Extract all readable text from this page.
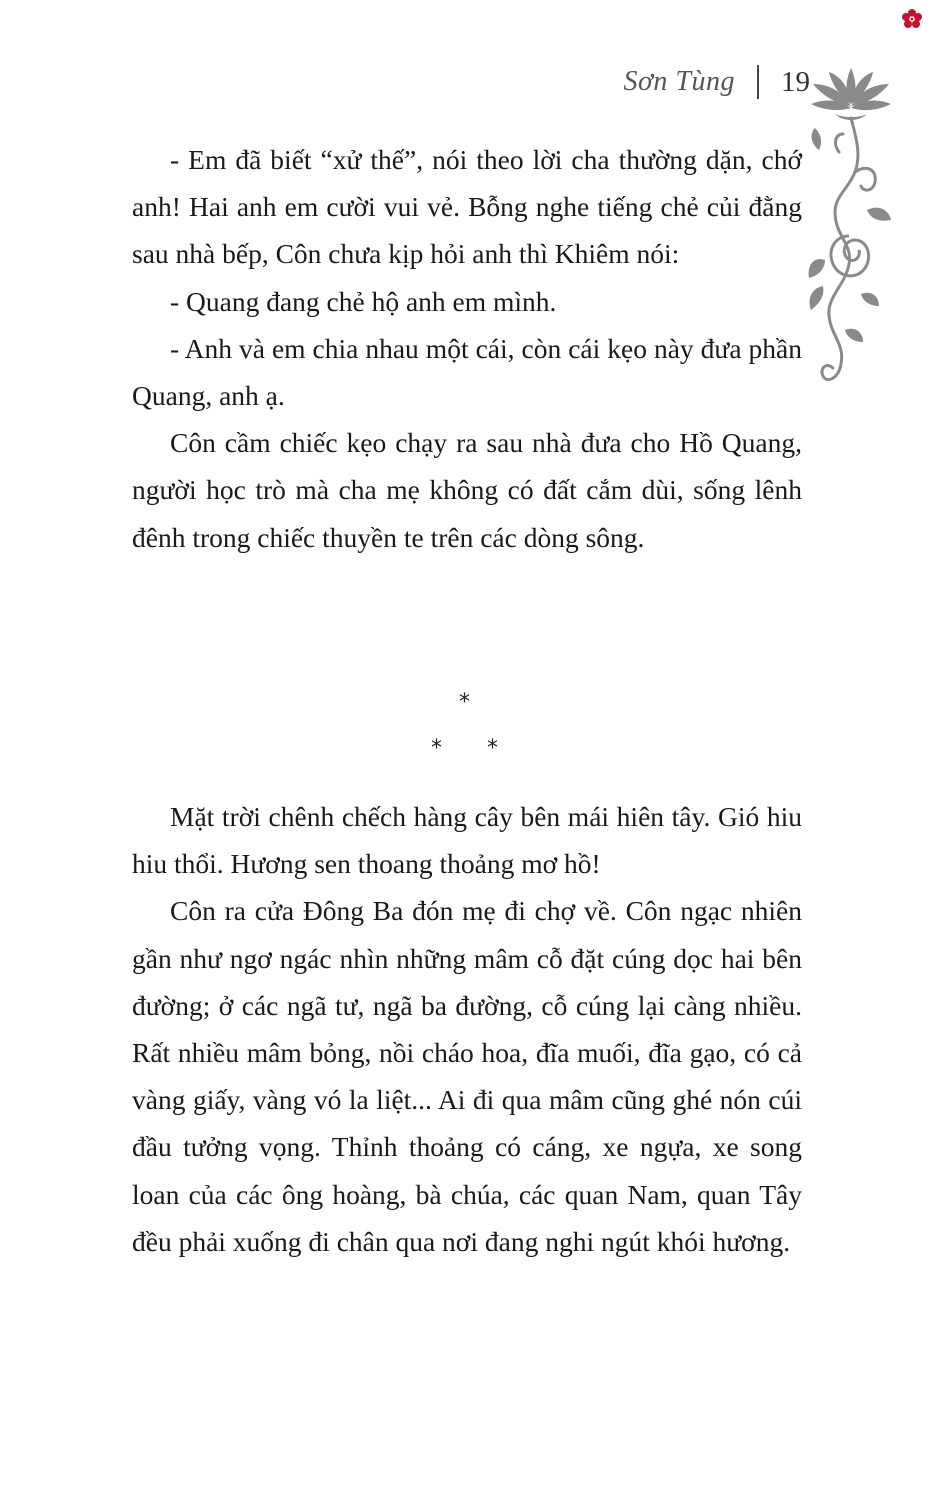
Sơn Tùng 19

- Em đã biết “xử thế”, nói theo lời cha thường dặn, chớ anh! Hai anh em cười vui vẻ. Bỗng nghe tiếng chẻ củi đằng sau nhà bếp, Côn chưa kịp hỏi anh thì Khiêm nói:

- Quang đang chẻ hộ anh em mình.

- Anh và em chia nhau một cái, còn cái kẹo này đưa phần Quang, anh ạ.

Côn cầm chiếc kẹo chạy ra sau nhà đưa cho Hồ Quang, người học trò mà cha mẹ không có đất cắm dùi, sống lênh đênh trong chiếc thuyền te trên các dòng sông.

*
* *

Mặt trời chênh chếch hàng cây bên mái hiên tây. Gió hiu hiu thổi. Hương sen thoang thoảng mơ hồ!

Côn ra cửa Đông Ba đón mẹ đi chợ về. Côn ngạc nhiên gần như ngơ ngác nhìn những mâm cỗ đặt cúng dọc hai bên đường; ở các ngã tư, ngã ba đường, cỗ cúng lại càng nhiều. Rất nhiều mâm bỏng, nồi cháo hoa, đĩa muối, đĩa gạo, có cả vàng giấy, vàng vó la liệt... Ai đi qua mâm cũng ghé nón cúi đầu tưởng vọng. Thỉnh thoảng có cáng, xe ngựa, xe song loan của các ông hoàng, bà chúa, các quan Nam, quan Tây đều phải xuống đi chân qua nơi đang nghi ngút khói hương.
